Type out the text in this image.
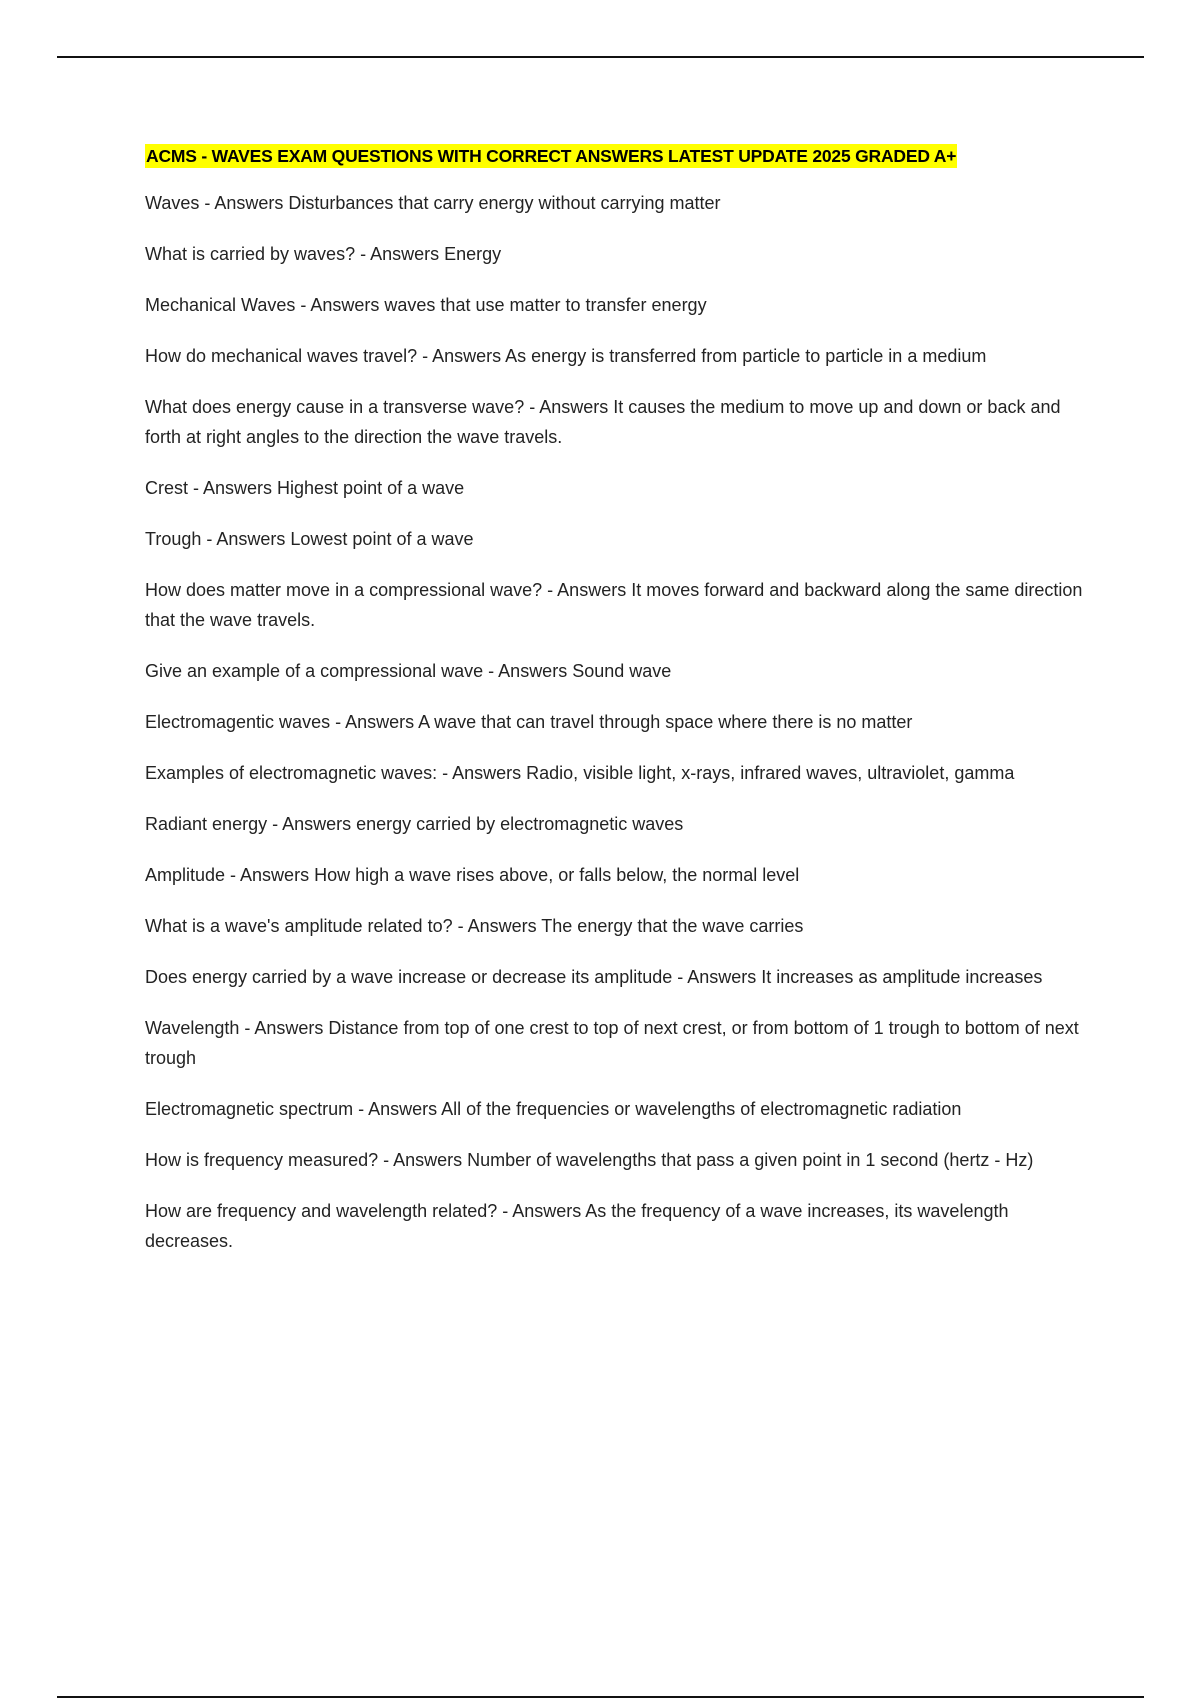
ACMS - WAVES EXAM QUESTIONS WITH CORRECT ANSWERS LATEST UPDATE 2025 GRADED A+
Waves - Answers Disturbances that carry energy without carrying matter
What is carried by waves? - Answers Energy
Mechanical Waves - Answers waves that use matter to transfer energy
How do mechanical waves travel? - Answers As energy is transferred from particle to particle in a medium
What does energy cause in a transverse wave? - Answers It causes the medium to move up and down or back and forth at right angles to the direction the wave travels.
Crest - Answers Highest point of a wave
Trough - Answers Lowest point of a wave
How does matter move in a compressional wave? - Answers It moves forward and backward along the same direction that the wave travels.
Give an example of a compressional wave - Answers Sound wave
Electromagentic waves - Answers A wave that can travel through space where there is no matter
Examples of electromagnetic waves: - Answers Radio, visible light, x-rays, infrared waves, ultraviolet, gamma
Radiant energy - Answers energy carried by electromagnetic waves
Amplitude - Answers How high a wave rises above, or falls below, the normal level
What is a wave's amplitude related to? - Answers The energy that the wave carries
Does energy carried by a wave increase or decrease its amplitude - Answers It increases as amplitude increases
Wavelength - Answers Distance from top of one crest to top of next crest, or from bottom of 1 trough to bottom of next trough
Electromagnetic spectrum - Answers All of the frequencies or wavelengths of electromagnetic radiation
How is frequency measured? - Answers Number of wavelengths that pass a given point in 1 second (hertz - Hz)
How are frequency and wavelength related? - Answers As the frequency of a wave increases, its wavelength decreases.
